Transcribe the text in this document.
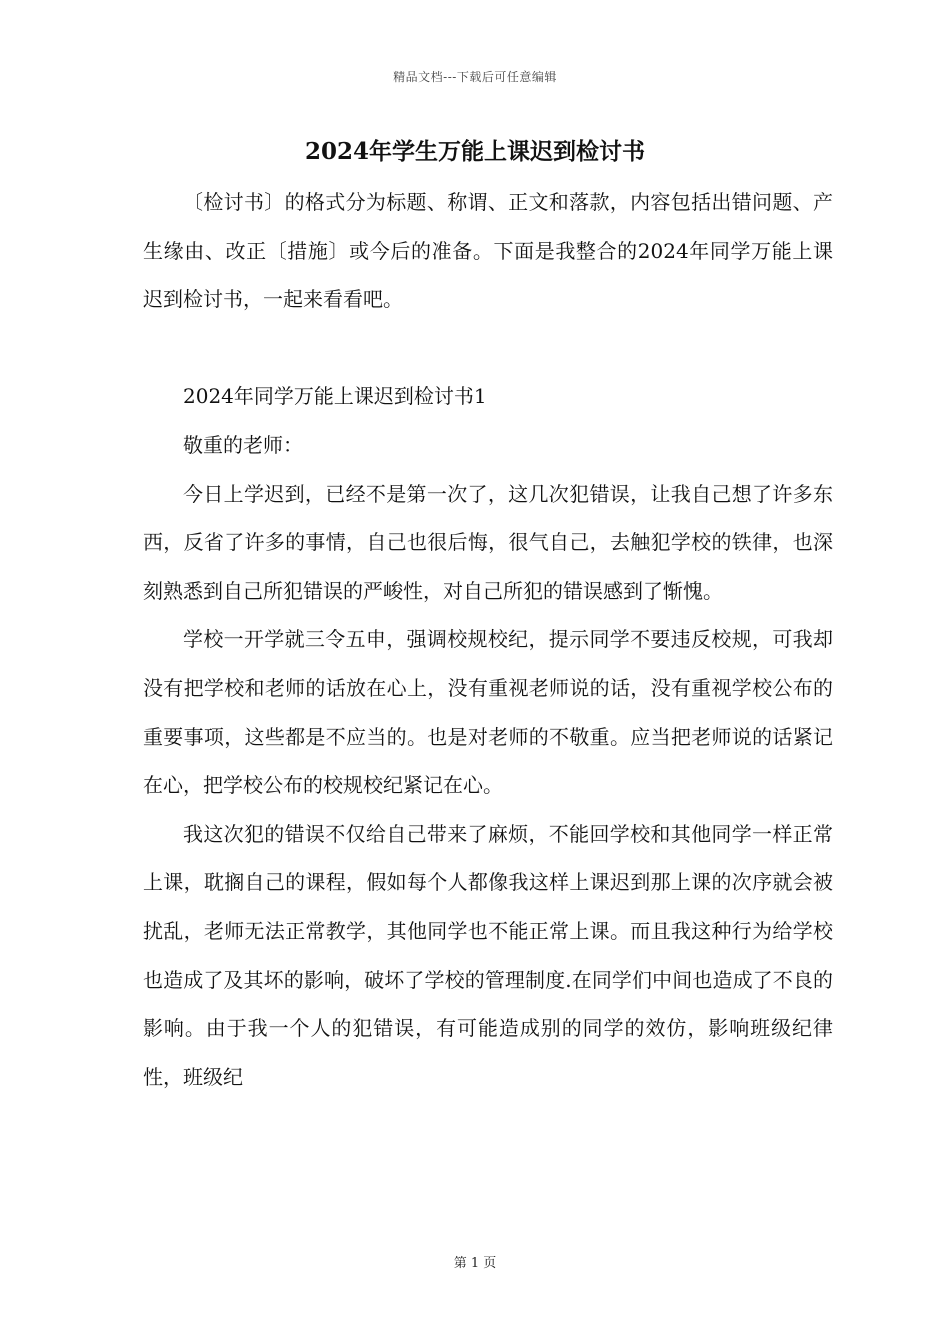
精品文档---下载后可任意编辑
2024年学生万能上课迟到检讨书

〔检讨书〕的格式分为标题、称谓、正文和落款，内容包括出错问题、产生缘由、改正〔措施〕或今后的准备。下面是我整合的2024年同学万能上课迟到检讨书，一起来看看吧。

2024年同学万能上课迟到检讨书1

敬重的老师：

今日上学迟到，已经不是第一次了，这几次犯错误，让我自己想了许多东西，反省了许多的事情，自己也很后悔，很气自己，去触犯学校的铁律，也深刻熟悉到自己所犯错误的严峻性，对自己所犯的错误感到了惭愧。

学校一开学就三令五申，强调校规校纪，提示同学不要违反校规，可我却没有把学校和老师的话放在心上，没有重视老师说的话，没有重视学校公布的重要事项，这些都是不应当的。也是对老师的不敬重。应当把老师说的话紧记在心，把学校公布的校规校纪紧记在心。

我这次犯的错误不仅给自己带来了麻烦，不能回学校和其他同学一样正常上课，耽搁自己的课程，假如每个人都像我这样上课迟到那上课的次序就会被扰乱，老师无法正常教学，其他同学也不能正常上课。而且我这种行为给学校也造成了及其坏的影响，破坏了学校的管理制度.在同学们中间也造成了不良的影响。由于我一个人的犯错误，有可能造成别的同学的效仿，影响班级纪律性，班级纪

第 1 页
